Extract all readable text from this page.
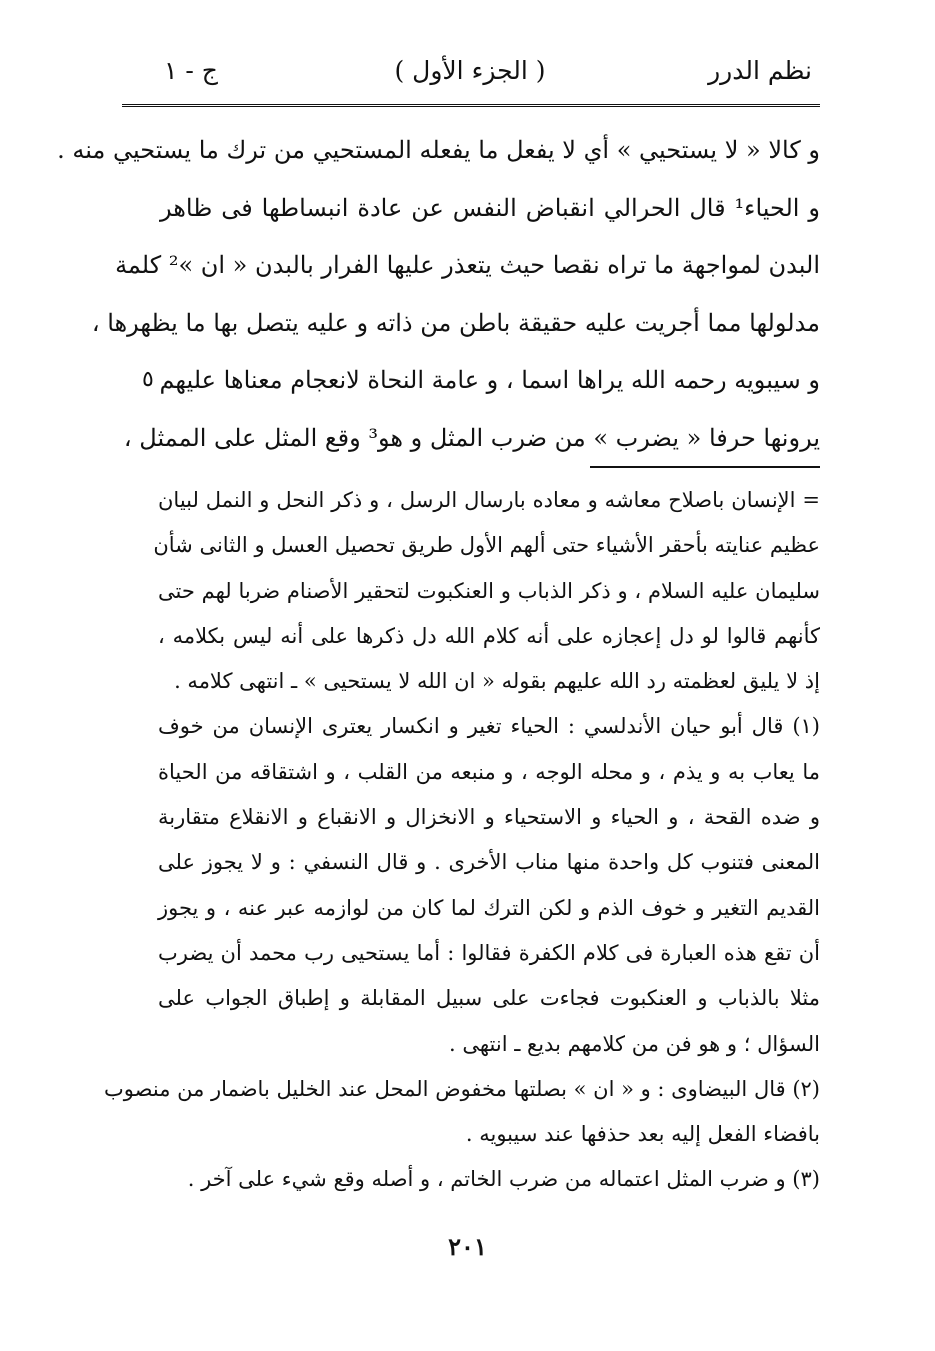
نظم الدرر
( الجزء الأول )
ج - ١
و كالا « لا يستحيي » أي لا يفعل ما يفعله المستحيي من ترك ما يستحيي منه .
و الحياء¹ قال الحرالي انقباض النفس عن عادة انبساطها فى ظاهر
البدن لمواجهة ما تراه نقصا حيث يتعذر عليها الفرار بالبدن « ان »² كلمة
مدلولها مما أجريت عليه حقيقة باطن من ذاته و عليه يتصل بها ما يظهرها ،
و سيبويه رحمه الله يراها اسما ، و عامة النحاة لانعجام معناها عليهم
٥
يرونها حرفا « يضرب » من ضرب المثل و هو³ وقع المثل على الممثل ،
= الإنسان باصلاح معاشه و معاده بارسال الرسل ، و ذكر النحل و النمل لبيان
عظيم عنايته بأحقر الأشياء حتى ألهم الأول طريق تحصيل العسل و الثانى شأن
سليمان عليه السلام ، و ذكر الذباب و العنكبوت لتحقير الأصنام ضربا لهم حتى
كأنهم قالوا لو دل إعجازه على أنه كلام الله دل ذكرها على أنه ليس بكلامه ،
إذ لا يليق لعظمته رد الله عليهم بقوله « ان الله لا يستحيى » ـ انتهى كلامه .
(١) قال أبو حيان الأندلسي : الحياء تغير و انكسار يعترى الإنسان من خوف
ما يعاب به و يذم ، و محله الوجه ، و منبعه من القلب ، و اشتقاقه من الحياة
و ضده القحة ، و الحياء و الاستحياء و الانخزال و الانقباع و الانقلاع متقاربة
المعنى فتنوب كل واحدة منها مناب الأخرى . و قال النسفي : و لا يجوز على
القديم التغير و خوف الذم و لكن الترك لما كان من لوازمه عبر عنه ، و يجوز
أن تقع هذه العبارة فى كلام الكفرة فقالوا : أما يستحيى رب محمد أن يضرب
مثلا بالذباب و العنكبوت فجاءت على سبيل المقابلة و إطباق الجواب على
السؤال ؛ و هو فن من كلامهم بديع ـ انتهى .
(٢) قال البيضاوى : و « ان » بصلتها مخفوض المحل عند الخليل باضمار من منصوب
بافضاء الفعل إليه بعد حذفها عند سيبويه .
(٣) و ضرب المثل اعتماله من ضرب الخاتم ، و أصله وقع شيء على آخر .
٢٠١
